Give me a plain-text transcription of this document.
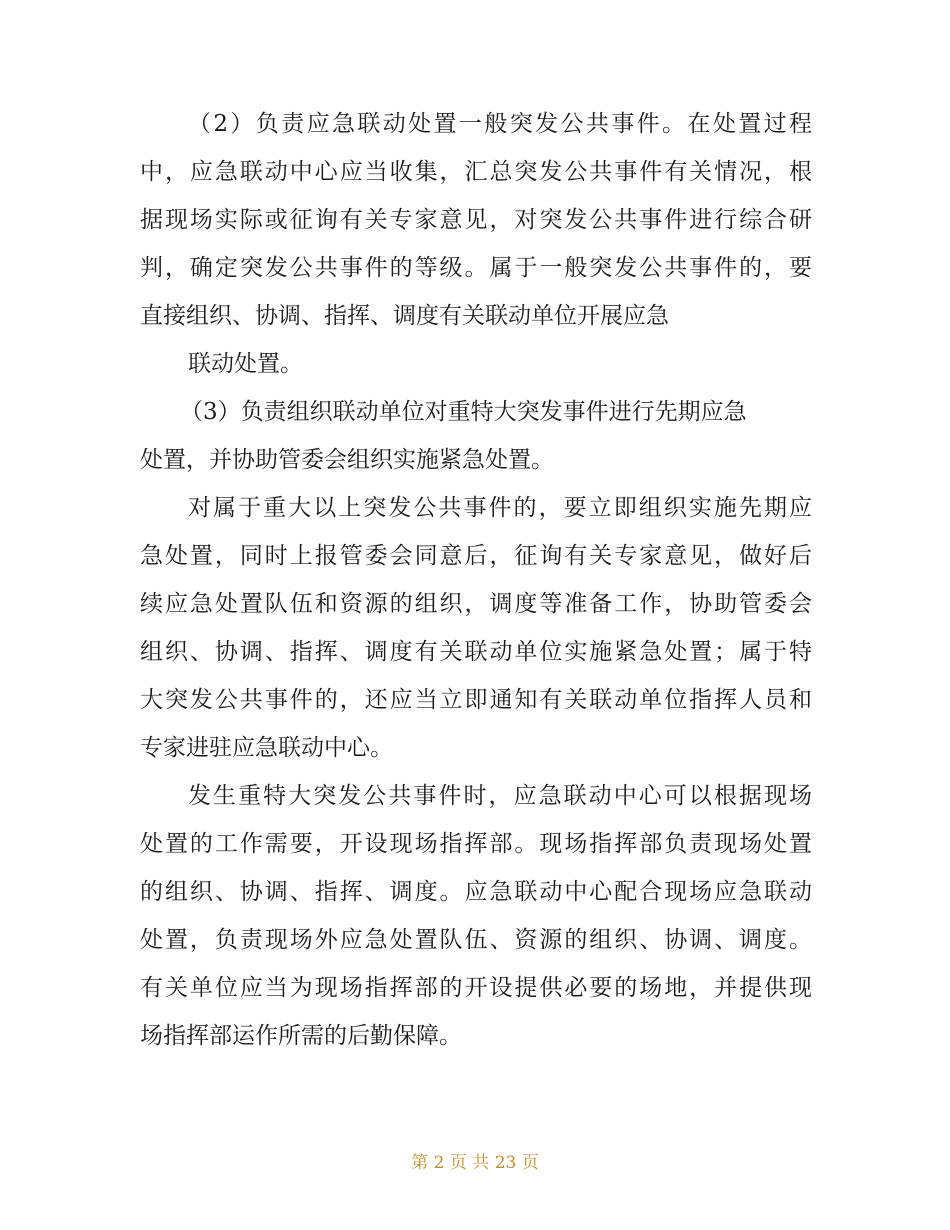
（2）负责应急联动处置一般突发公共事件。在处置过程
中，应急联动中心应当收集，汇总突发公共事件有关情况，根
据现场实际或征询有关专家意见，对突发公共事件进行综合研
判，确定突发公共事件的等级。属于一般突发公共事件的，要
直接组织、协调、指挥、调度有关联动单位开展应急
联动处置。
（3）负责组织联动单位对重特大突发事件进行先期应急
处置，并协助管委会组织实施紧急处置。
对属于重大以上突发公共事件的，要立即组织实施先期应
急处置，同时上报管委会同意后，征询有关专家意见，做好后
续应急处置队伍和资源的组织，调度等准备工作，协助管委会
组织、协调、指挥、调度有关联动单位实施紧急处置；属于特
大突发公共事件的，还应当立即通知有关联动单位指挥人员和
专家进驻应急联动中心。
发生重特大突发公共事件时，应急联动中心可以根据现场
处置的工作需要，开设现场指挥部。现场指挥部负责现场处置
的组织、协调、指挥、调度。应急联动中心配合现场应急联动
处置，负责现场外应急处置队伍、资源的组织、协调、调度。
有关单位应当为现场指挥部的开设提供必要的场地，并提供现
场指挥部运作所需的后勤保障。
第 2 页 共 23 页
